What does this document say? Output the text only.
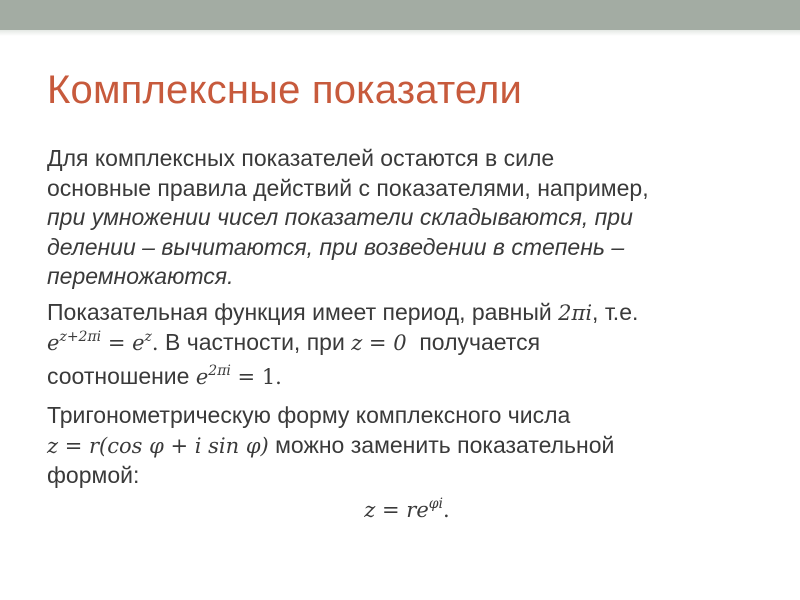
Комплексные показатели
Для комплексных показателей остаются в силе
основные правила действий с показателями, например,
при умножении чисел показатели складываются, при
делении – вычитаются, при возведении в степень –
перемножаются.
Показательная функция имеет период, равный 2πi, т.е.
$e^{z+2\pi i} = e^z$. В частности, при z = 0  получается
соотношение $e^{2\pi i} = 1$.
Тригонометрическую форму комплексного числа
z = r(cos φ + i sin φ) можно заменить показательной
формой:
$z = re^{\varphi i}$.
